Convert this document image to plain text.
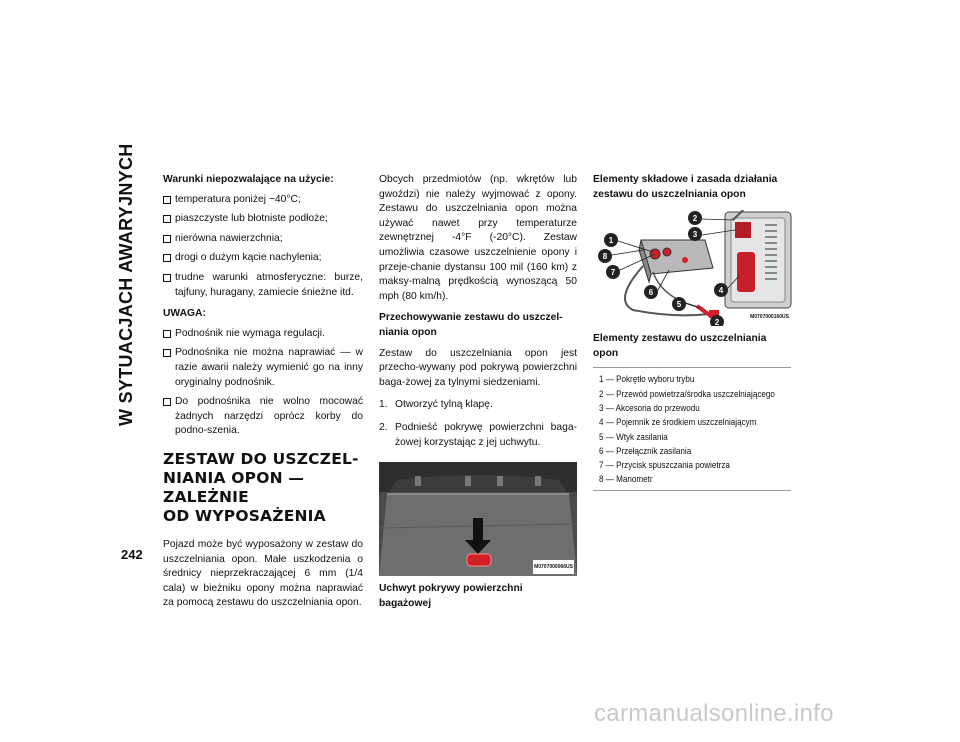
W SYTUACJACH AWARYJNYCH
242
Warunki niepozwalające na użycie:
temperatura poniżej −40°C;
piaszczyste lub błotniste podłoże;
nierówna nawierzchnia;
drogi o dużym kącie nachylenia;
trudne warunki atmosferyczne: burze, tajfuny, huragany, zamiecie śnieżne itd.
UWAGA:
Podnośnik nie wymaga regulacji.
Podnośnika nie można naprawiać — w razie awarii należy wymienić go na inny oryginalny podnośnik.
Do podnośnika nie wolno mocować żadnych narzędzi oprócz korby do podno-szenia.
ZESTAW DO USZCZEL-
NIANIA OPON — ZALEŻNIE
OD WYPOSAŻENIA
Pojazd może być wyposażony w zestaw do uszczelniania opon. Małe uszkodzenia o średnicy nieprzekraczającej 6 mm (1/4 cala) w bieżniku opony można naprawiać za pomocą zestawu do uszczelniania opon.
Obcych przedmiotów (np. wkrętów lub gwoździ) nie należy wyjmować z opony. Zestawu do uszczelniania opon można używać nawet przy temperaturze zewnętrznej -4°F (-20°C). Zestaw umożliwia czasowe uszczelnienie opony i przeje-chanie dystansu 100 mil (160 km) z maksy-malną prędkością wynoszącą 50 mph (80 km/h).
Przechowywanie zestawu do uszczel-niania opon
Zestaw do uszczelniania opon jest przecho-wywany pod pokrywą powierzchni baga-żowej za tylnymi siedzeniami.
1. Otworzyć tylną klapę.
2. Podnieść pokrywę powierzchni baga-żowej korzystając z jej uchwytu.
M0707000066US
Uchwyt pokrywy powierzchni bagażowej
Elementy składowe i zasada działania zestawu do uszczelniania opon
1
2
3
4
5
6
7
8
2
M0707000160US
Elementy zestawu do uszczelniania opon
1 — Pokrętło wyboru trybu
2 — Przewód powietrza/środka uszczelniającego
3 — Akcesoria do przewodu
4 — Pojemnik ze środkiem uszczelniającym
5 — Wtyk zasilania
6 — Przełącznik zasilania
7 — Przycisk spuszczania powietrza
8 — Manometr
carmanualsonline.info
